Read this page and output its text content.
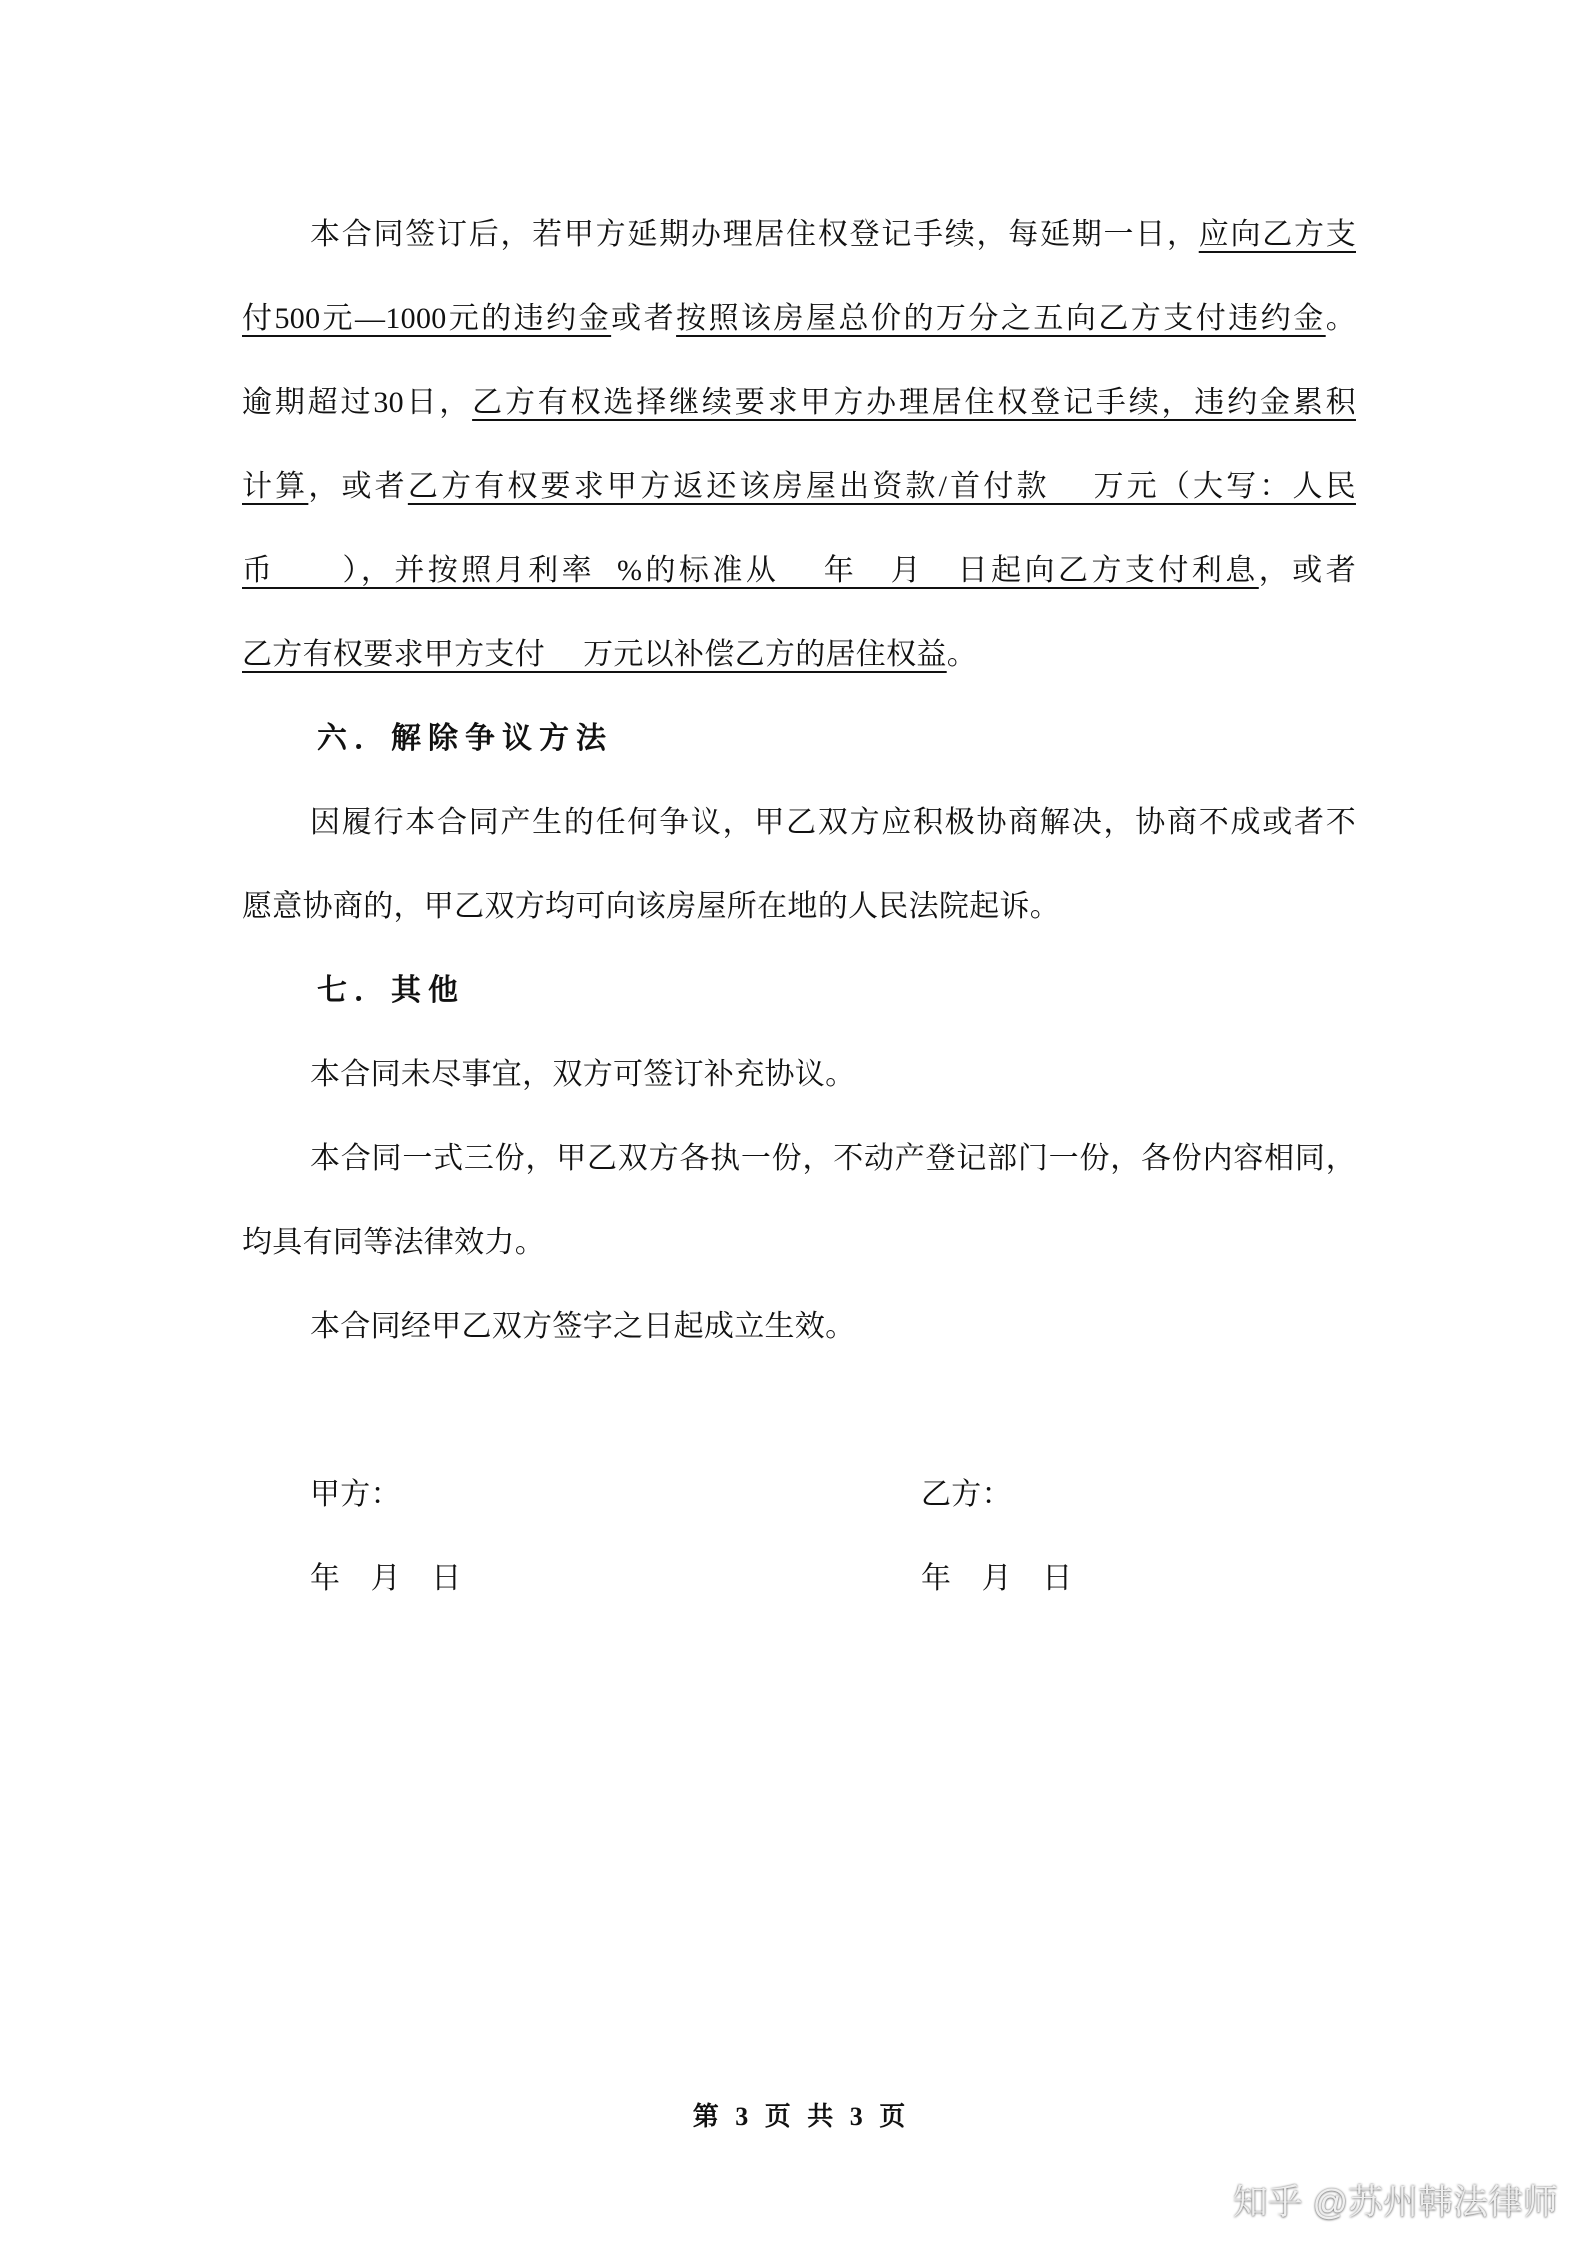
本合同签订后，若甲方延期办理居住权登记手续，每延期一日，应向乙方支
付500元—1000元的违约金或者按照该房屋总价的万分之五向乙方支付违约金。
逾期超过30日，乙方有权选择继续要求甲方办理居住权登记手续，违约金累积
计算，或者乙方有权要求甲方返还该房屋出资款/首付款　 万元（大写：人民
币　　），并按照月利率  %的标准从　 年　月　日起向乙方支付利息，或者
乙方有权要求甲方支付　 万元以补偿乙方的居住权益。
六．解除争议方法
因履行本合同产生的任何争议，甲乙双方应积极协商解决，协商不成或者不
愿意协商的，甲乙双方均可向该房屋所在地的人民法院起诉。
七．其他
本合同未尽事宜，双方可签订补充协议。
本合同一式三份，甲乙双方各执一份，不动产登记部门一份，各份内容相同，
均具有同等法律效力。
本合同经甲乙双方签字之日起成立生效。
甲方：	乙方：
年　月　日	年　月　日
第 3 页 共 3 页
知乎 @苏州韩法律师
